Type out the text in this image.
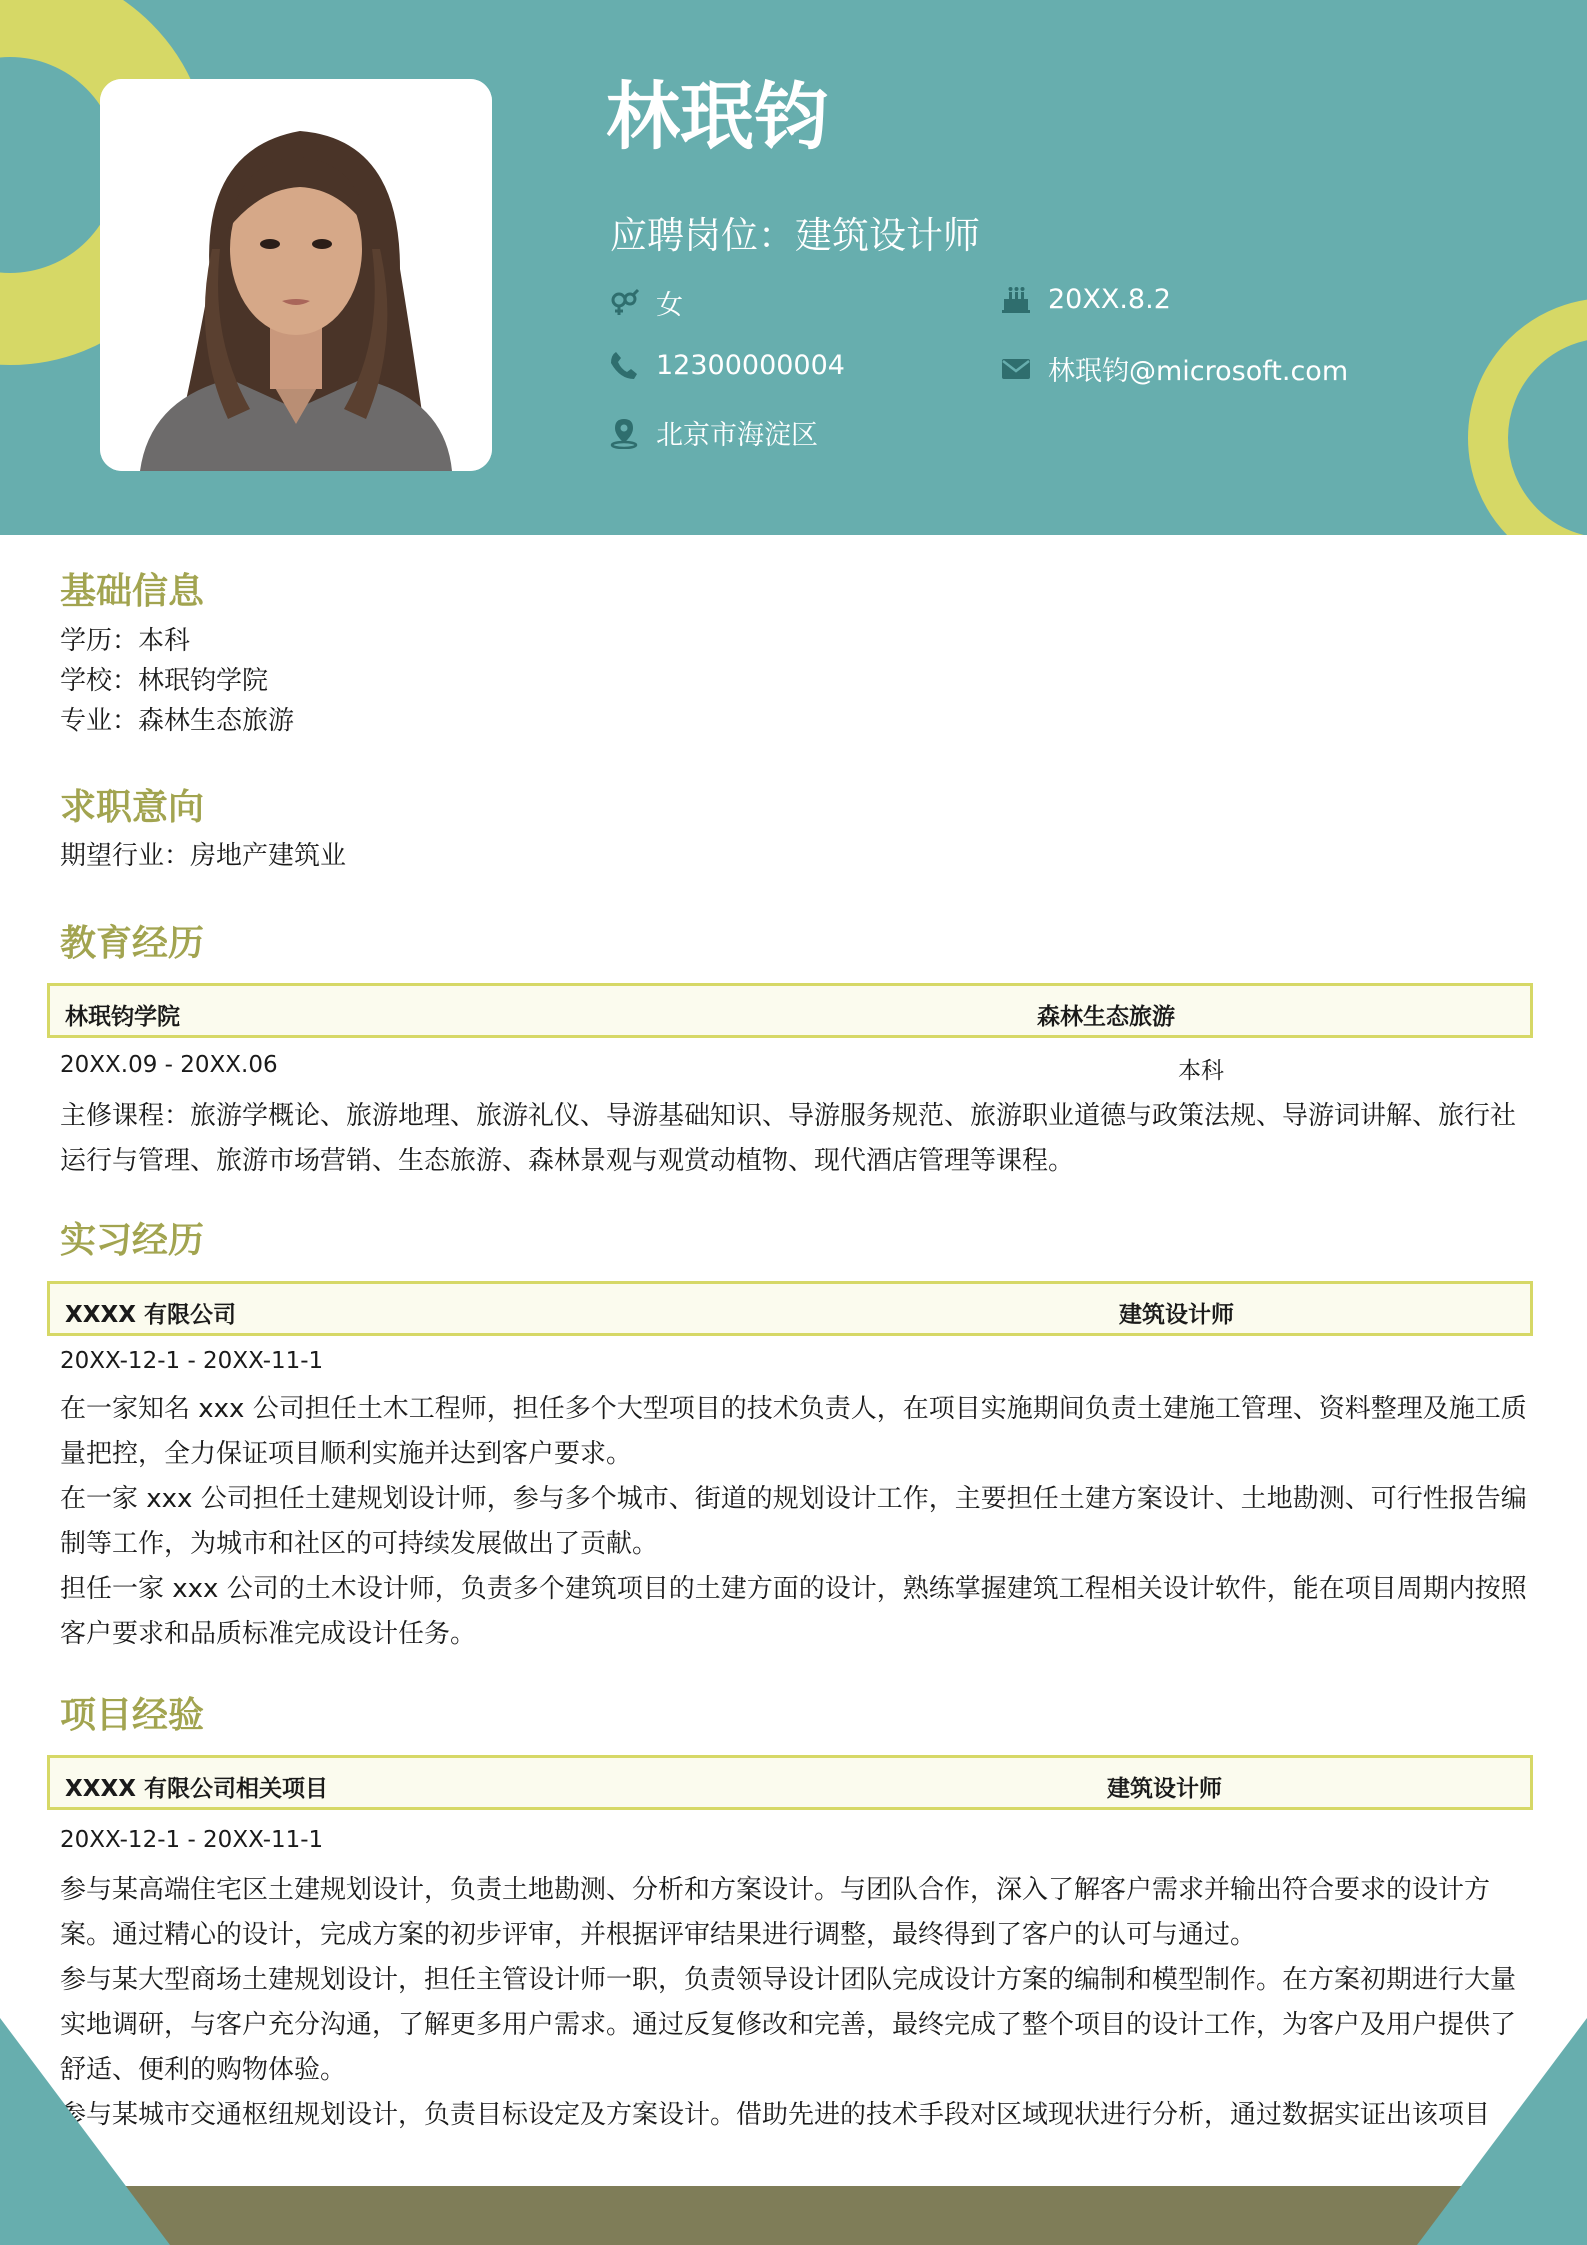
林珉钧
应聘岗位：建筑设计师
女	20XX.8.2
12300000004	林珉钧@microsoft.com
北京市海淀区
基础信息
学历：本科
学校：林珉钧学院
专业：森林生态旅游
求职意向
期望行业：房地产建筑业
教育经历
林珉钧学院	森林生态旅游
20XX.09 - 20XX.06	本科

主修课程：旅游学概论、旅游地理、旅游礼仪、导游基础知识、导游服务规范、旅游职业道德与政策法规、导游词讲解、旅行社运行与管理、旅游市场营销、生态旅游、森林景观与观赏动植物、现代酒店管理等课程。

实习经历
XXXX 有限公司	建筑设计师
20XX-12-1 - 20XX-11-1

在一家知名 xxx 公司担任土木工程师，担任多个大型项目的技术负责人，在项目实施期间负责土建施工管理、资料整理及施工质量把控，全力保证项目顺利实施并达到客户要求。

在一家 xxx 公司担任土建规划设计师，参与多个城市、街道的规划设计工作，主要担任土建方案设计、土地勘测、可行性报告编制等工作，为城市和社区的可持续发展做出了贡献。

担任一家 xxx 公司的土木设计师，负责多个建筑项目的土建方面的设计，熟练掌握建筑工程相关设计软件，能在项目周期内按照客户要求和品质标准完成设计任务。

项目经验
XXXX 有限公司相关项目	建筑设计师
20XX-12-1 - 20XX-11-1

参与某高端住宅区土建规划设计，负责土地勘测、分析和方案设计。与团队合作，深入了解客户需求并输出符合要求的设计方案。通过精心的设计，完成方案的初步评审，并根据评审结果进行调整，最终得到了客户的认可与通过。

参与某大型商场土建规划设计，担任主管设计师一职，负责领导设计团队完成设计方案的编制和模型制作。在方案初期进行大量实地调研，与客户充分沟通，了解更多用户需求。通过反复修改和完善，最终完成了整个项目的设计工作，为客户及用户提供了舒适、便利的购物体验。

参与某城市交通枢纽规划设计，负责目标设定及方案设计。借助先进的技术手段对区域现状进行分析，通过数据实证出该项目
